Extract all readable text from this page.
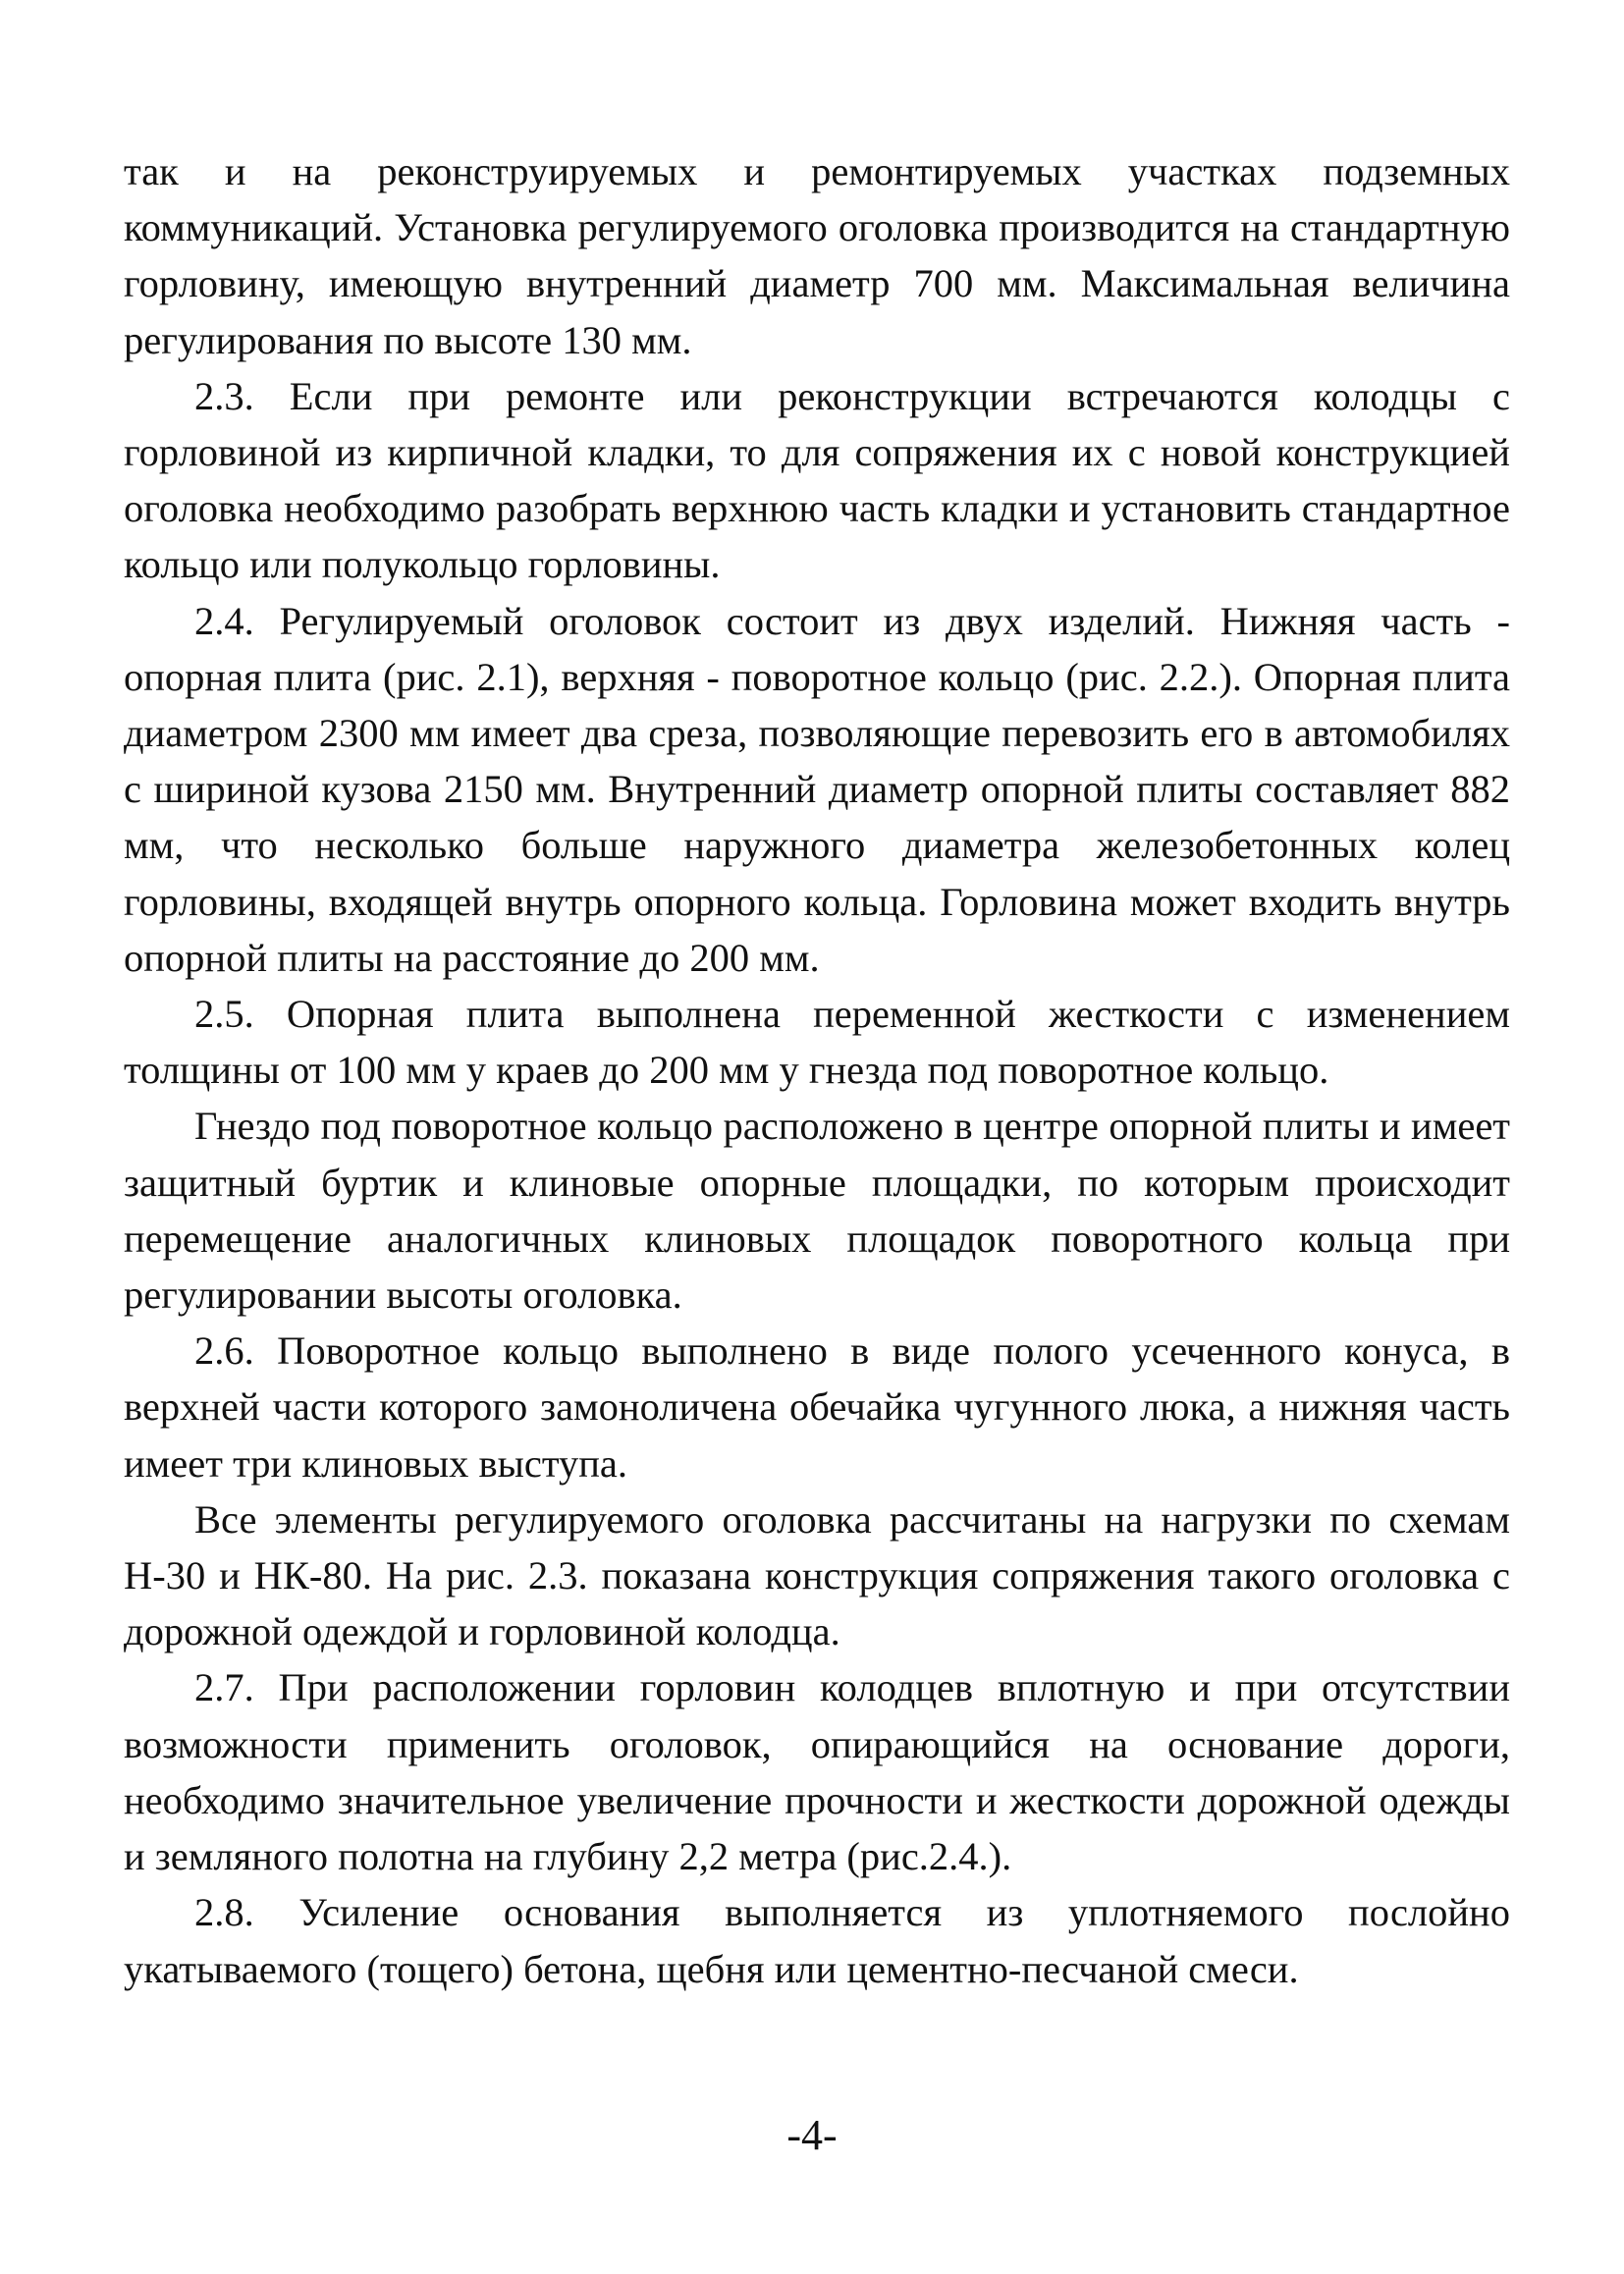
так и на реконструируемых и ремонтируемых участках подземных коммуникаций. Установка регулируемого оголовка производится на стандартную горловину, имеющую внутренний диаметр 700 мм. Максимальная величина регулирования по высоте 130 мм.

2.3. Если при ремонте или реконструкции встречаются колодцы с горловиной из кирпичной кладки, то для сопряжения их с новой конструкцией оголовка необходимо разобрать верхнюю часть кладки и установить стандартное кольцо или полукольцо горловины.

2.4. Регулируемый оголовок состоит из двух изделий. Нижняя часть - опорная плита (рис. 2.1), верхняя - поворотное кольцо (рис. 2.2.). Опорная плита диаметром 2300 мм имеет два среза, позволяющие перевозить его в автомобилях с шириной кузова 2150 мм. Внутренний диаметр опорной плиты составляет 882 мм, что несколько больше наружного диаметра железобетонных колец горловины, входящей внутрь опорного кольца. Горловина может входить внутрь опорной плиты на расстояние до 200 мм.

2.5. Опорная плита выполнена переменной жесткости с изменением толщины от 100 мм у краев до 200 мм у гнезда под поворотное кольцо.

Гнездо под поворотное кольцо расположено в центре опорной плиты и имеет защитный буртик и клиновые опорные площадки, по которым происходит перемещение аналогичных клиновых площадок поворотного кольца при регулировании высоты оголовка.

2.6. Поворотное кольцо выполнено в виде полого усеченного конуса, в верхней части которого замоноличена обечайка чугунного люка, а нижняя часть имеет три клиновых выступа.

Все элементы регулируемого оголовка рассчитаны на нагрузки по схемам Н-30 и НК-80. На рис. 2.3. показана конструкция сопряжения такого оголовка с дорожной одеждой и горловиной колодца.

2.7. При расположении горловин колодцев вплотную и при отсутствии возможности применить оголовок, опирающийся на основание дороги, необходимо значительное увеличение прочности и жесткости дорожной одежды и земляного полотна на глубину 2,2 метра (рис.2.4.).

2.8. Усиление основания выполняется из уплотняемого послойно укатываемого (тощего) бетона, щебня или цементно-песчаной смеси.

-4-
